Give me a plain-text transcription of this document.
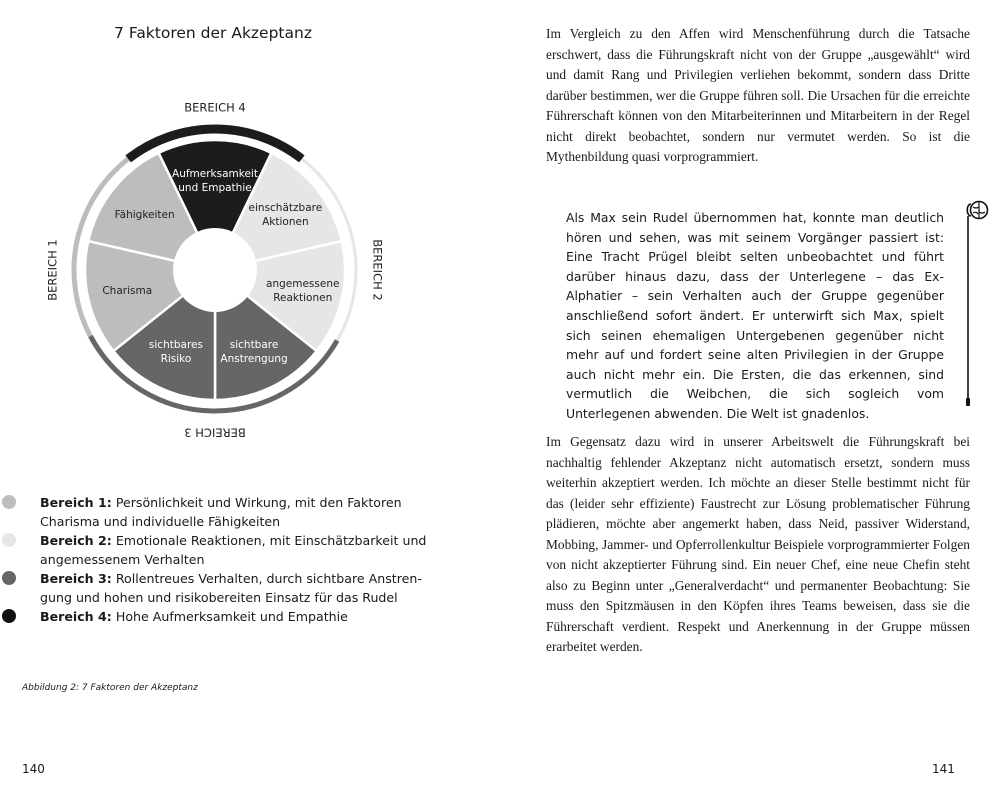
7 Faktoren der Akzeptanz
Aufmerksamkeit
und Empathie
einschätzbare
Aktionen
angemessene
Reaktionen
sichtbare
Anstrengung
sichtbares
Risiko
Charisma
Fähigkeiten
BEREICH 1	BEREICH 2
BEREICH 3
BEREICH 4
Bereich 1: Persönlichkeit und Wirkung, mit den Faktoren Charisma und individuelle Fähigkeiten
Bereich 2: Emotionale Reaktionen, mit Einschätzbarkeit und angemessenem Verhalten
Bereich 3: Rollentreues Verhalten, durch sichtbare Anstrengung und hohen und risikobereiten Einsatz für das Rudel
Bereich 4: Hohe Aufmerksamkeit und Empathie
Abbildung 2: 7 Faktoren der Akzeptanz
140
Im Vergleich zu den Affen wird Menschenführung durch die Tatsache erschwert, dass die Führungskraft nicht von der Gruppe „ausgewählt“ wird und damit Rang und Privilegien verliehen bekommt, sondern dass Dritte darüber bestimmen, wer die Gruppe führen soll. Die Ursachen für die erreichte Führerschaft können von den Mitarbeiterinnen und Mitarbeitern in der Regel nicht direkt beobachtet, sondern nur vermutet werden. So ist die Mythenbildung quasi vorprogrammiert.
Als Max sein Rudel übernommen hat, konnte man deutlich hören und sehen, was mit seinem Vorgänger passiert ist: Eine Tracht Prügel bleibt selten unbeobachtet und führt darüber hinaus dazu, dass der Unterlegene – das Ex-Alphatier – sein Verhalten auch der Gruppe gegenüber anschließend sofort ändert. Er unterwirft sich Max, spielt sich seinen ehemaligen Untergebenen gegenüber nicht mehr auf und fordert seine alten Privilegien in der Gruppe auch nicht mehr ein. Die Ersten, die das erkennen, sind vermutlich die Weibchen, die sich sogleich vom Unterlegenen abwenden. Die Welt ist gnadenlos.
Im Gegensatz dazu wird in unserer Arbeitswelt die Führungskraft bei nachhaltig fehlender Akzeptanz nicht automatisch ersetzt, sondern muss weiterhin akzeptiert werden. Ich möchte an dieser Stelle bestimmt nicht für das (leider sehr effiziente) Faustrecht zur Lösung problematischer Führung plädieren, möchte aber angemerkt haben, dass Neid, passiver Widerstand, Mobbing, Jammer- und Opferrollenkultur Beispiele vorprogrammierter Folgen von nicht akzeptierter Führung sind. Ein neuer Chef, eine neue Chefin steht also zu Beginn unter „Generalverdacht“ und permanenter Beobachtung: Sie muss den Spitzmäusen in den Köpfen ihres Teams beweisen, dass sie die Führerschaft verdient. Respekt und Anerkennung in der Gruppe müssen erarbeitet werden.
141
